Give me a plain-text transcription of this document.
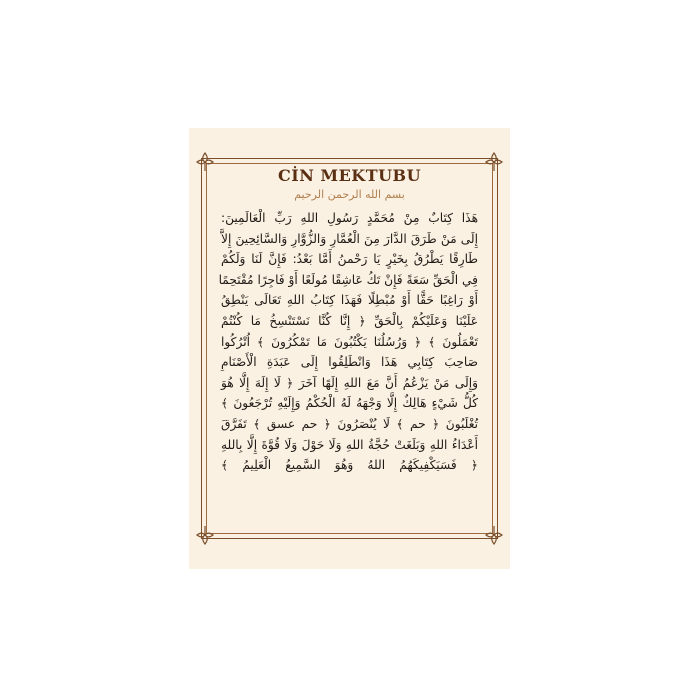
CİN MEKTUBU
بسم الله الرحمن الرحيم
هَذَا كِتَابٌ مِنْ مُحَمَّدٍ رَسُولِ اللهِ رَبِّ الْعَالَمِينَ:
إِلَى مَنْ طَرَقَ الدَّارَ مِنَ الْعُمَّارِ وَالزُّوَّارِ وَالسَّائِحِينَ إِلاَّ
طَارِقًا يَطْرُقُ بِخَيْرٍ يَا رَحْمنُ أَمَّا بَعْدُ: فَإِنَّ لَنَا وَلَكُمْ
فِي الْحَقِّ سَعَةً فَإِنْ تَكُ عَاشِقًا مُولَعًا أَوْ فَاجِرًا مُقْتَحِمًا
أَوْ رَاغِبًا حَقًّا أَوْ مُبْطِلًا فَهَذَا كِتَابُ اللهِ تَعَالَى يَنْطِقُ
عَلَيْنَا وَعَلَيْكُمْ بِالْحَقِّ ﴿ إِنَّا كُنَّا نَسْتَنْسِخُ مَا كُنْتُمْ
تَعْمَلُونَ ﴾ ﴿ وَرُسُلُنَا يَكْتُبُونَ مَا تَمْكُرُونَ ﴾ اُتْرُكُوا
صَاحِبَ كِتَابِي هَذَا وَانْطَلِقُوا إِلَى عَبَدَةِ الْأَصْنَامِ
وَإِلَى مَنْ يَزْعُمُ أَنَّ مَعَ اللهِ إِلَهًا آخَرَ ﴿ لَا إِلَهَ إِلَّا هُوَ
كُلُّ شَيْءٍ هَالِكٌ إِلَّا وَجْهَهُ لَهُ الْحُكْمُ وَإِلَيْهِ تُرْجَعُونَ ﴾
تُغْلَبُونَ ﴿ حم ﴾ لَا يُنْصَرُونَ ﴿ حم عسق ﴾ تَفَرَّقَ
أَعْدَاءُ اللهِ وَبَلَغَتْ حُجَّةُ اللهِ وَلَا حَوْلَ وَلَا قُوَّةَ إِلَّا بِاللهِ
﴿ فَسَيَكْفِيكَهُمُ اللهُ وَهُوَ السَّمِيعُ الْعَلِيمُ ﴾
